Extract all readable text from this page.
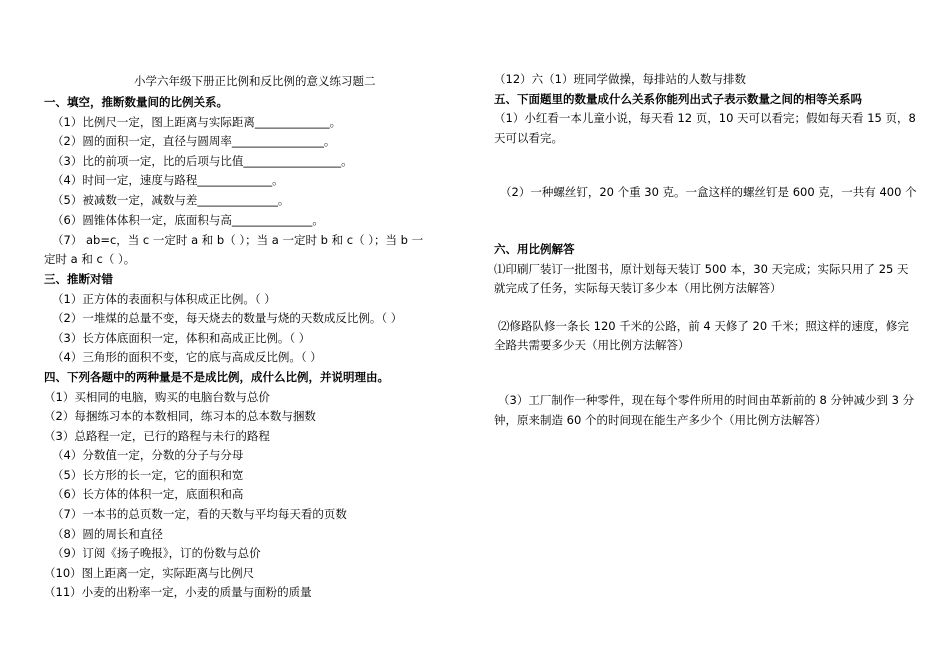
小学六年级下册正比例和反比例的意义练习题二
一、填空，推断数量间的比例关系。
（1）比例尺一定，图上距离与实际距离_____________。
（2）圆的面积一定，直径与圆周率________________。
（3）比的前项一定，比的后项与比值_________________。
（4）时间一定，速度与路程_____________。
（5）被减数一定，减数与差______________。
（6）圆锥体体积一定，底面积与高______________。
（7） ab=c，当 c 一定时 a 和 b（ ）；当 a 一定时 b 和 c（ ）；当 b 一
定时 a 和 c（ ）。
三、推断对错
（1）正方体的表面积与体积成正比例。（ ）
（2）一堆煤的总量不变，每天烧去的数量与烧的天数成反比例。（ ）
（3）长方体底面积一定，体积和高成正比例。（ ）
（4）三角形的面积不变，它的底与高成反比例。（ ）
四、下列各题中的两种量是不是成比例，成什么比例，并说明理由。
（1）买相同的电脑，购买的电脑台数与总价
（2）每捆练习本的本数相同，练习本的总本数与捆数
（3）总路程一定，已行的路程与未行的路程
（4）分数值一定，分数的分子与分母
（5）长方形的长一定，它的面积和宽
（6）长方体的体积一定，底面积和高
（7）一本书的总页数一定，看的天数与平均每天看的页数
（8）圆的周长和直径
（9）订阅《扬子晚报》，订的份数与总价
（10）图上距离一定，实际距离与比例尺
（11）小麦的出粉率一定，小麦的质量与面粉的质量
（12）六（1）班同学做操，每排站的人数与排数
五、下面题里的数量成什么关系你能列出式子表示数量之间的相等关系吗
（1）小红看一本儿童小说，每天看 12 页，10 天可以看完；假如每天看 15 页，8
天可以看完。
（2）一种螺丝钉，20 个重 30 克。一盒这样的螺丝钉是 600 克，一共有 400 个
六、用比例解答
⑴印刷厂装订一批图书，原计划每天装订 500 本，30 天完成；实际只用了 25 天
就完成了任务，实际每天装订多少本（用比例方法解答）
⑵修路队修一条长 120 千米的公路，前 4 天修了 20 千米；照这样的速度，修完
全路共需要多少天（用比例方法解答）
（3）工厂制作一种零件，现在每个零件所用的时间由革新前的 8 分钟减少到 3 分
钟，原来制造 60 个的时间现在能生产多少个（用比例方法解答）
